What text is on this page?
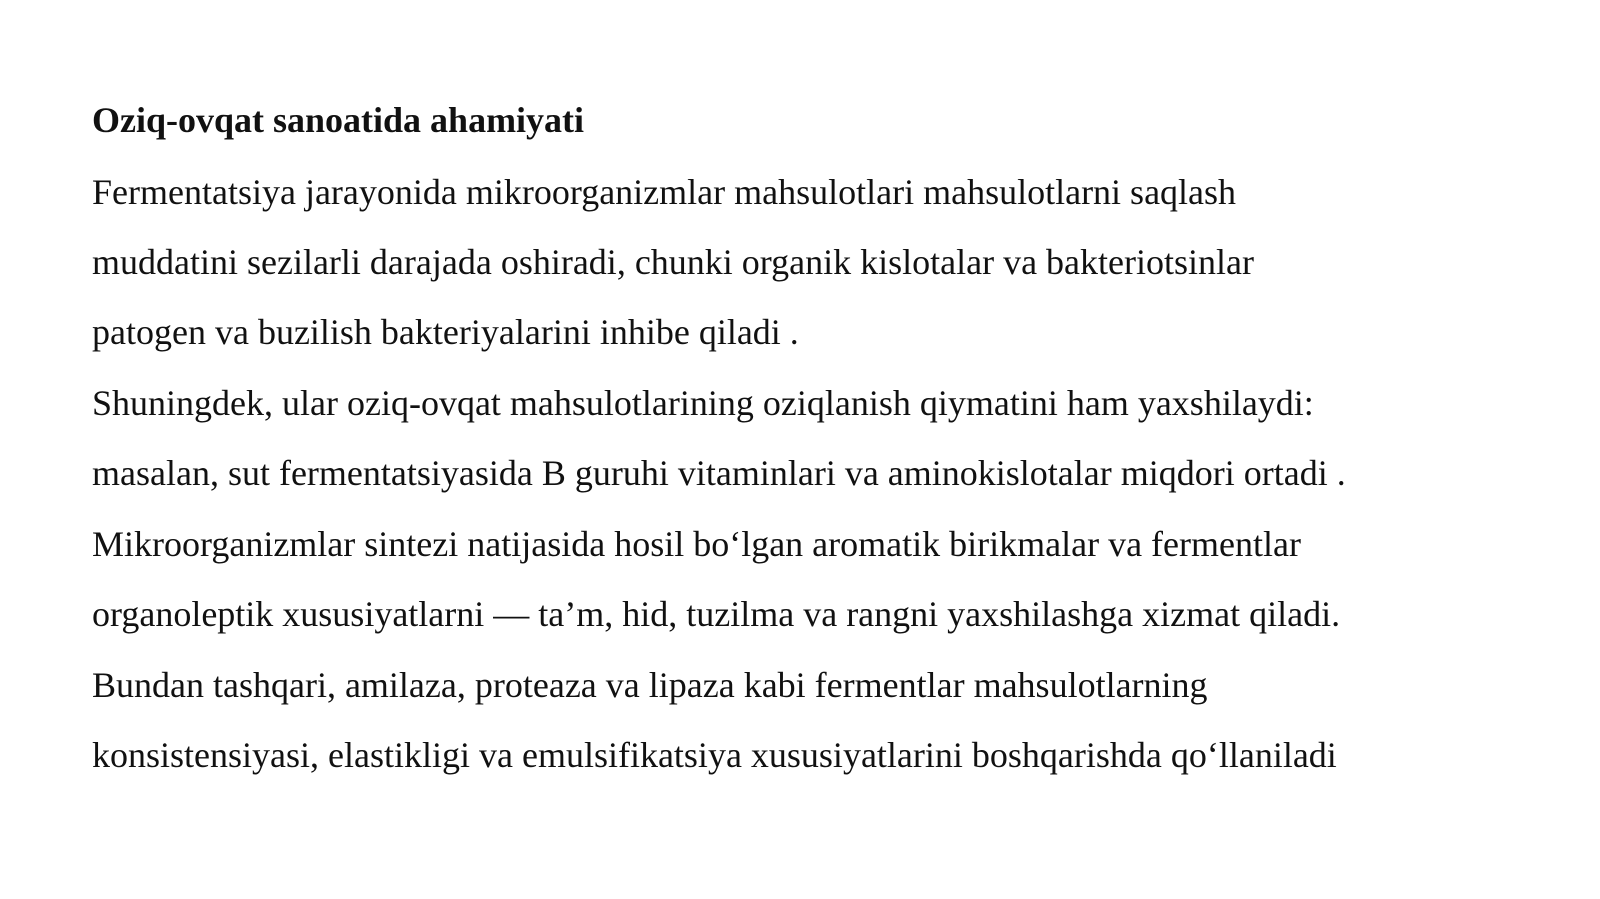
Oziq-ovqat sanoatida ahamiyati

Fermentatsiya jarayonida mikroorganizmlar mahsulotlari mahsulotlarni saqlash

muddatini sezilarli darajada oshiradi, chunki organik kislotalar va bakteriotsinlar

patogen va buzilish bakteriyalarini inhibe qiladi .

Shuningdek, ular oziq-ovqat mahsulotlarining oziqlanish qiymatini ham yaxshilaydi:

masalan, sut fermentatsiyasida B guruhi vitaminlari va aminokislotalar miqdori ortadi .

Mikroorganizmlar sintezi natijasida hosil bo‘lgan aromatik birikmalar va fermentlar

organoleptik xususiyatlarni — ta’m, hid, tuzilma va rangni yaxshilashga xizmat qiladi.

Bundan tashqari, amilaza, proteaza va lipaza kabi fermentlar mahsulotlarning

konsistensiyasi, elastikligi va emulsifikatsiya xususiyatlarini boshqarishda qo‘llaniladi
